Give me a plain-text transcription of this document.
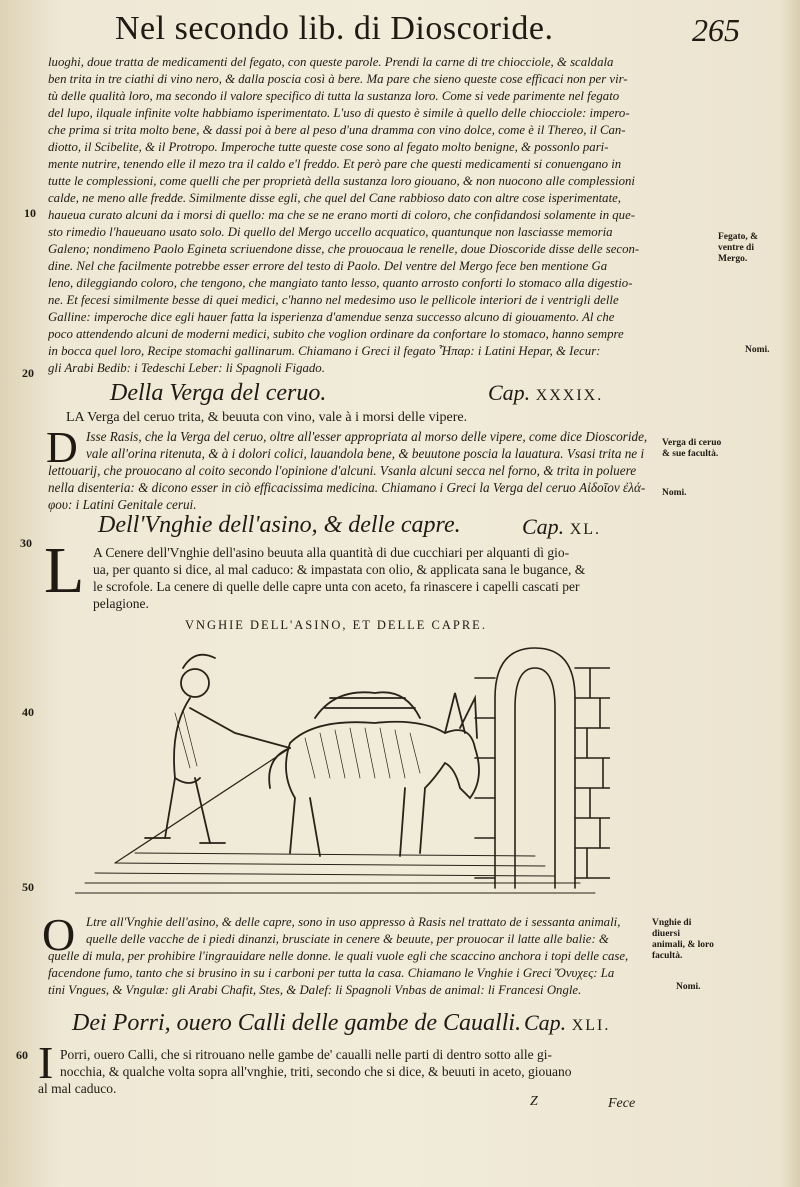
Nel secondo lib. di Dioscoride.	265
luoghi, doue tratta de medicamenti del fegato, con queste parole. Prendi la carne di tre chiocciole, & scaldala
ben trita in tre ciathi di vino nero, & dalla poscia così à bere. Ma pare che sieno queste cose efficaci non per vir-
tù delle qualità loro, ma secondo il valore specifico di tutta la sustanza loro. Come si vede parimente nel fegato
del lupo, ilquale infinite volte habbiamo isperimentato. L'uso di questo è simile à quello delle chiocciole: impero-
che prima si trita molto bene, & dassi poi à bere al peso d'una dramma con vino dolce, come è il Thereo, il Can-
diotto, il Scibelite, & il Protropo. Imperoche tutte queste cose sono al fegato molto benigne, & possonlo pari-
mente nutrire, tenendo elle il mezo tra il caldo e'l freddo. Et però pare che questi medicamenti si conuengano in
tutte le complessioni, come quelli che per proprietà della sustanza loro giouano, & non nuocono alle complessioni
calde, ne meno alle fredde. Similmente disse egli, che quel del Cane rabbioso dato con altre cose isperimentate,
haueua curato alcuni da i morsi di quello: ma che se ne erano morti di coloro, che confidandosi solamente in que-
sto rimedio l'haueuano usato solo. Di quello del Mergo uccello acquatico, quantunque non lasciasse memoria
Galeno; nondimeno Paolo Egineta scriuendone disse, che prouocaua le renelle, doue Dioscoride disse delle secon-
dine. Nel che facilmente potrebbe esser errore del testo di Paolo. Del ventre del Mergo fece ben mentione Ga
leno, dileggiando coloro, che tengono, che mangiato tanto lesso, quanto arrosto conforti lo stomaco alla digestio-
ne. Et fecesi similmente besse di quei medici, c'hanno nel medesimo uso le pellicole interiori de i ventrigli delle
Galline: imperoche dice egli hauer fatta la isperienza d'amendue senza successo alcuno di giouamento. Al che
poco attendendo alcuni de moderni medici, subito che voglion ordinare da confortare lo stomaco, hanno sempre
in bocca quel loro, Recipe stomachi gallinarum. Chiamano i Greci il fegato Ἧπαρ: i Latini Hepar, & Iecur:
gli Arabi Bedib: i Tedeschi Leber: li Spagnoli Figado.
Fegato, & ventre di Mergo.
Nomi.
Della Verga del ceruo.	Cap. XXXIX.
LA Verga del ceruo trita, & beuuta con vino, vale à i morsi delle vipere.
D Isse Rasis, che la Verga del ceruo, oltre all'esser appropriata al morso delle vipere, come dice Dioscoride,
vale all'orina ritenuta, & à i dolori colici, lauandola bene, & beuutone poscia la lauatura. Vsasi trita ne i
lettouarij, che prouocano al coito secondo l'opinione d'alcuni. Vsanla alcuni secca nel forno, & trita in poluere
nella disenteria: & dicono esser in ciò efficacissima medicina. Chiamano i Greci la Verga del ceruo Αἰδοῖον ἐλά-
φου: i Latini Genitale cerui.
Verga di ceruo & sue facultà.
Nomi.
Dell'Vnghie dell'asino, & delle capre.	Cap. XL.
L A Cenere dell'Vnghie dell'asino beuuta alla quantità di due cucchiari per alquanti dì gio-
ua, per quanto si dice, al mal caduco: & impastata con olio, & applicata sana le bugance, &
le scrofole. La cenere di quelle delle capre unta con aceto, fa rinascere i capelli cascati per
pelagione.
VNGHIE DELL'ASINO, ET DELLE CAPRE.
O Ltre all'Vnghie dell'asino, & delle capre, sono in uso appresso à Rasis nel trattato de i sessanta animali,
quelle delle vacche de i piedi dinanzi, brusciate in cenere & beuute, per prouocar il latte alle balie: &
quelle di mula, per prohibire l'ingrauidare nelle donne. le quali vuole egli che scaccino anchora i topi delle case,
facendone fumo, tanto che si brusino in su i carboni per tutta la casa. Chiamano le Vnghie i Greci Ὄνυχες: La
tini Vngues, & Vngulæ: gli Arabi Chafit, Stes, & Dalef: li Spagnoli Vnbas de animal: li Francesi Ongle.
Vnghie di diuersi animali, & loro facultà.
Nomi.
Dei Porri, ouero Calli delle gambe de Caualli. Cap. XLI.
I Porri, ouero Calli, che si ritrouano nelle gambe de' caualli nelle parti di dentro sotto alle gi-
nocchia, & qualche volta sopra all'vnghie, triti, secondo che si dice, & beuuti in aceto, giouano
al mal caduco.
10
20
30
40
50
60
Z	Fece
